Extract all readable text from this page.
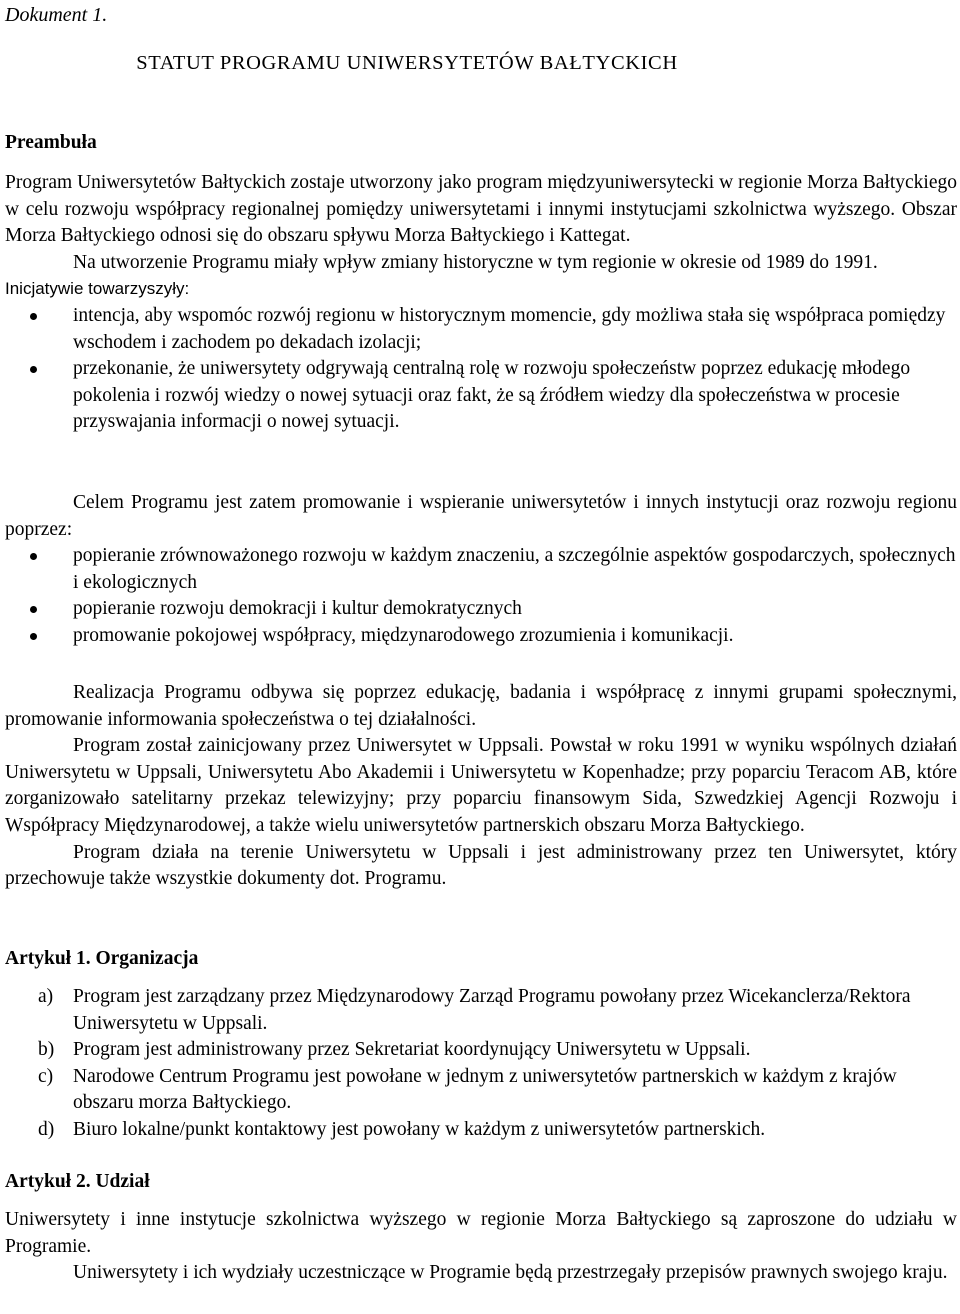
Dokument 1.

STATUT PROGRAMU UNIWERSYTETÓW BAŁTYCKICH
Preambuła

Program Uniwersytetów Bałtyckich zostaje utworzony jako program międzyuniwersytecki w regionie Morza Bałtyckiego w celu rozwoju współpracy regionalnej pomiędzy uniwersytetami i innymi instytucjami szkolnictwa wyższego. Obszar Morza Bałtyckiego odnosi się do obszaru spływu Morza Bałtyckiego i Kattegat.

Na utworzenie Programu miały wpływ zmiany historyczne w tym regionie w okresie od 1989 do 1991. Inicjatywie towarzyszyły:

intencja, aby wspomóc rozwój regionu w historycznym momencie, gdy możliwa stała się współpraca pomiędzy wschodem i zachodem po dekadach izolacji;
przekonanie, że uniwersytety odgrywają centralną rolę w rozwoju społeczeństw poprzez edukację młodego pokolenia i rozwój wiedzy o nowej sytuacji oraz fakt, że są źródłem wiedzy dla społeczeństwa w procesie przyswajania informacji o nowej sytuacji.

Celem Programu jest zatem promowanie i wspieranie uniwersytetów i innych instytucji oraz rozwoju regionu poprzez:

popieranie zrównoważonego rozwoju w każdym znaczeniu, a szczególnie aspektów gospodarczych, społecznych i ekologicznych
popieranie rozwoju demokracji i kultur demokratycznych
promowanie pokojowej współpracy, międzynarodowego zrozumienia i komunikacji.

Realizacja Programu odbywa się poprzez edukację, badania i współpracę z innymi grupami społecznymi, promowanie informowania społeczeństwa o tej działalności.

Program został zainicjowany przez Uniwersytet w Uppsali. Powstał w roku 1991 w wyniku wspólnych działań Uniwersytetu w Uppsali, Uniwersytetu Abo Akademii i Uniwersytetu w Kopenhadze; przy poparciu Teracom AB, które zorganizowało satelitarny przekaz telewizyjny; przy poparciu finansowym Sida, Szwedzkiej Agencji Rozwoju i Współpracy Międzynarodowej, a także wielu uniwersytetów partnerskich obszaru Morza Bałtyckiego.

Program działa na terenie Uniwersytetu w Uppsali i jest administrowany przez ten Uniwersytet, który przechowuje także wszystkie dokumenty dot. Programu.

Artykuł 1. Organizacja
a) Program jest zarządzany przez Międzynarodowy Zarząd Programu powołany przez Wicekanclerza/Rektora Uniwersytetu w Uppsali.
b) Program jest administrowany przez Sekretariat koordynujący Uniwersytetu w Uppsali.
c) Narodowe Centrum Programu jest powołane w jednym z uniwersytetów partnerskich w każdym z krajów obszaru morza Bałtyckiego.
d) Biuro lokalne/punkt kontaktowy jest powołany w każdym z uniwersytetów partnerskich.
Artykuł 2. Udział

Uniwersytety i inne instytucje szkolnictwa wyższego w regionie Morza Bałtyckiego są zaproszone do udziału w Programie.

Uniwersytety i ich wydziały uczestniczące w Programie będą przestrzegały przepisów prawnych swojego kraju.
